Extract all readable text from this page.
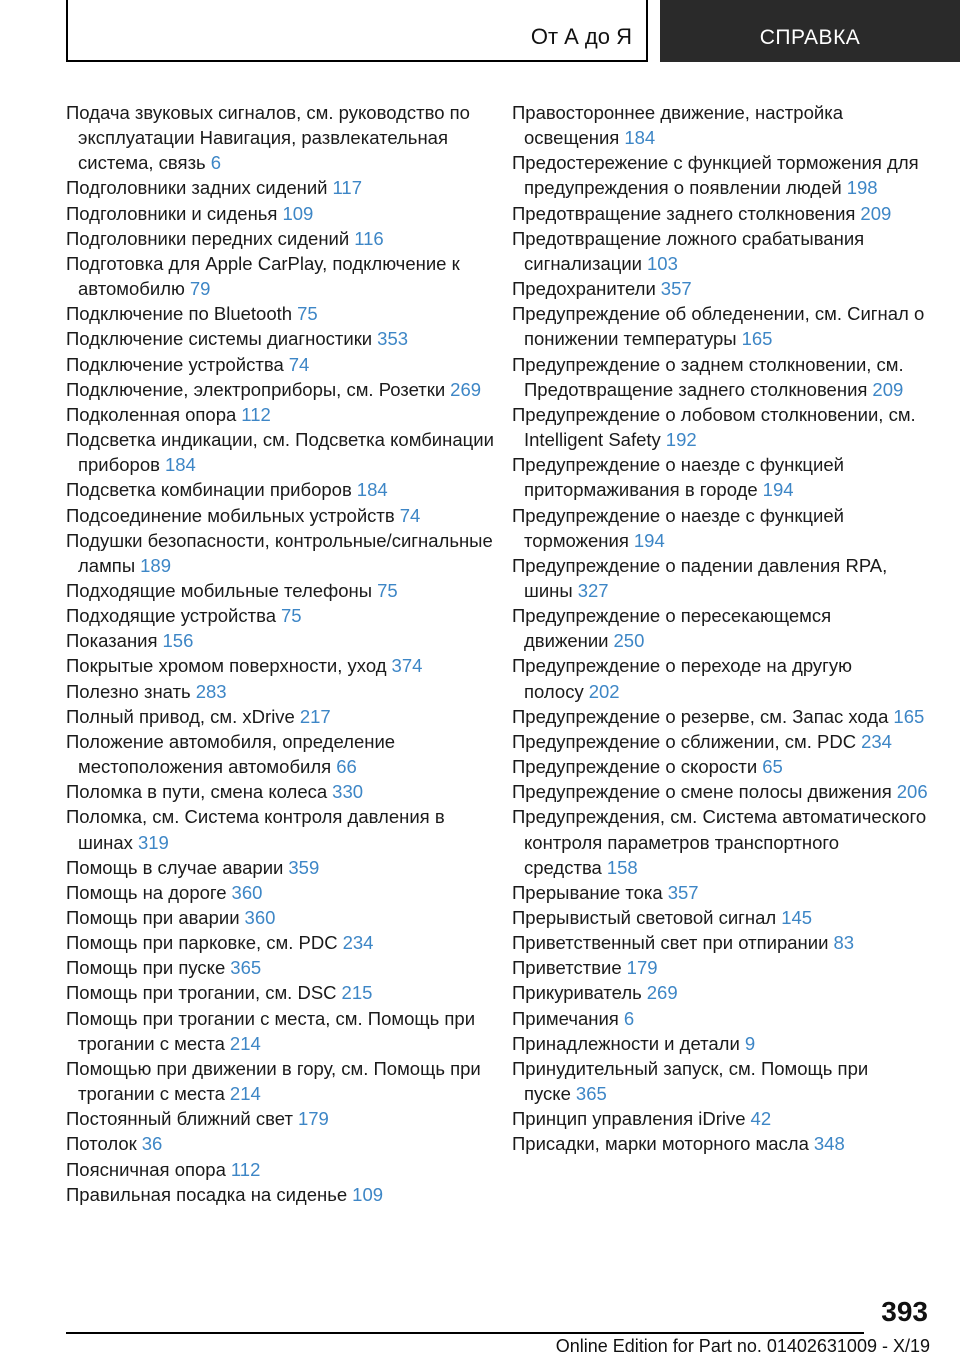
От А до Я	СПРАВКА
Подача звуковых сигналов, см. руководство по эксплуатации Навигация, развлекательная система, связь 6
Подголовники задних сидений 117
Подголовники и сиденья 109
Подголовники передних сидений 116
Подготовка для Apple CarPlay, подключение к автомобилю 79
Подключение по Bluetooth 75
Подключение системы диагностики 353
Подключение устройства 74
Подключение, электроприборы, см. Розетки 269
Подколенная опора 112
Подсветка индикации, см. Подсветка комбинации приборов 184
Подсветка комбинации приборов 184
Подсоединение мобильных устройств 74
Подушки безопасности, контрольные/сигнальные лампы 189
Подходящие мобильные телефоны 75
Подходящие устройства 75
Показания 156
Покрытые хромом поверхности, уход 374
Полезно знать 283
Полный привод, см. xDrive 217
Положение автомобиля, определение местоположения автомобиля 66
Поломка в пути, смена колеса 330
Поломка, см. Система контроля давления в шинах 319
Помощь в случае аварии 359
Помощь на дороге 360
Помощь при аварии 360
Помощь при парковке, см. PDC 234
Помощь при пуске 365
Помощь при трогании, см. DSC 215
Помощь при трогании с места, см. Помощь при трогании с места 214
Помощью при движении в гору, см. Помощь при трогании с места 214
Постоянный ближний свет 179
Потолок 36
Поясничная опора 112
Правильная посадка на сиденье 109
Правостороннее движение, настройка освещения 184
Предостережение с функцией торможения для предупреждения о появлении людей 198
Предотвращение заднего столкновения 209
Предотвращение ложного срабатывания сигнализации 103
Предохранители 357
Предупреждение об обледенении, см. Сигнал о понижении температуры 165
Предупреждение о заднем столкновении, см. Предотвращение заднего столкновения 209
Предупреждение о лобовом столкновении, см. Intelligent Safety 192
Предупреждение о наезде с функцией притормаживания в городе 194
Предупреждение о наезде с функцией торможения 194
Предупреждение о падении давления RPA, шины 327
Предупреждение о пересекающемся движении 250
Предупреждение о переходе на другую полосу 202
Предупреждение о резерве, см. Запас хода 165
Предупреждение о сближении, см. PDC 234
Предупреждение о скорости 65
Предупреждение о смене полосы движения 206
Предупреждения, см. Система автоматического контроля параметров транспортного средства 158
Прерывание тока 357
Прерывистый световой сигнал 145
Приветственный свет при отпирании 83
Приветствие 179
Прикуриватель 269
Примечания 6
Принадлежности и детали 9
Принудительный запуск, см. Помощь при пуске 365
Принцип управления iDrive 42
Присадки, марки моторного масла 348
393
Online Edition for Part no. 01402631009 - X/19
